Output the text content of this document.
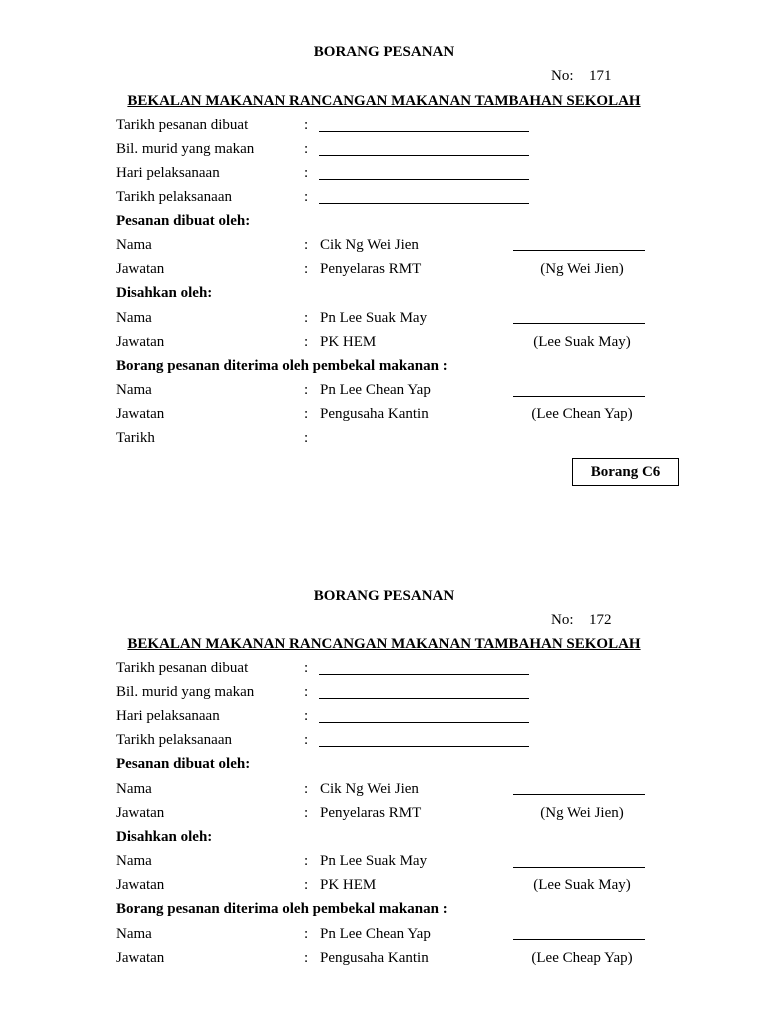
BORANG PESANAN
No: 171
BEKALAN MAKANAN RANCANGAN MAKANAN TAMBAHAN SEKOLAH
Tarikh pesanan dibuat	:
Bil. murid yang makan	:
Hari pelaksanaan	:
Tarikh pelaksanaan	:
Pesanan dibuat oleh:
Nama	: Cik Ng Wei Jien
Jawatan	: Penyelaras RMT	(Ng Wei Jien)
Disahkan oleh:
Nama	: Pn Lee Suak May
Jawatan	: PK HEM	(Lee Suak May)
Borang pesanan diterima oleh pembekal makanan :
Nama	: Pn Lee Chean Yap
Jawatan	: Pengusaha Kantin	(Lee Chean Yap)
Tarikh	:
Borang C6
BORANG PESANAN
No: 172
BEKALAN MAKANAN RANCANGAN MAKANAN TAMBAHAN SEKOLAH
Tarikh pesanan dibuat	:
Bil. murid yang makan	:
Hari pelaksanaan	:
Tarikh pelaksanaan	:
Pesanan dibuat oleh:
Nama	: Cik Ng Wei Jien
Jawatan	: Penyelaras RMT	(Ng Wei Jien)
Disahkan oleh:
Nama	: Pn Lee Suak May
Jawatan	: PK HEM	(Lee Suak May)
Borang pesanan diterima oleh pembekal makanan :
Nama	: Pn Lee Chean Yap
Jawatan	: Pengusaha Kantin	(Lee Cheap Yap)
